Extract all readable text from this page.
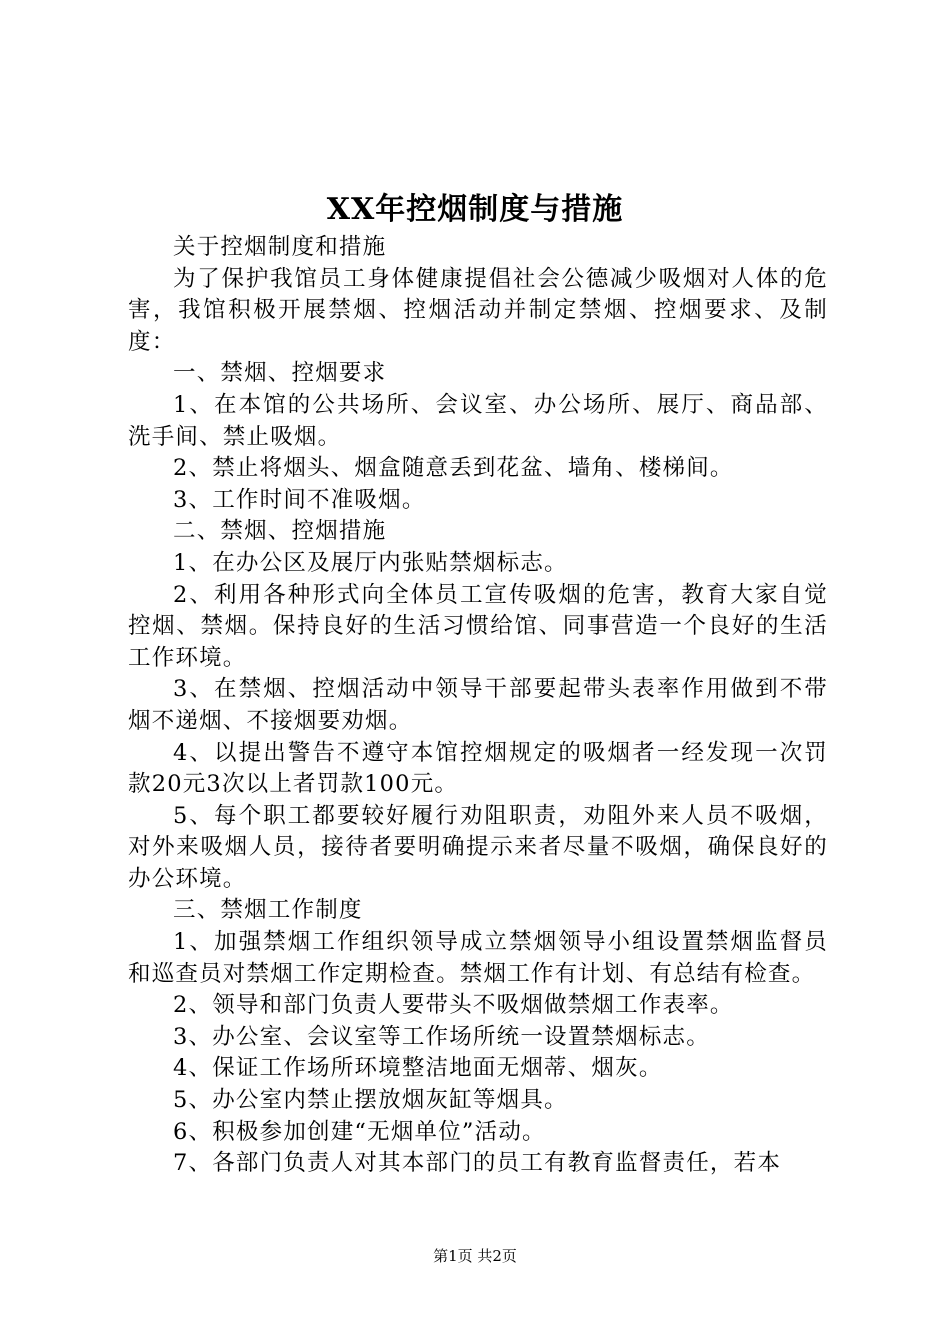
XX年控烟制度与措施

关于控烟制度和措施

为了保护我馆员工身体健康提倡社会公德减少吸烟对人体的危害，我馆积极开展禁烟、控烟活动并制定禁烟、控烟要求、及制度：

一、禁烟、控烟要求

1、在本馆的公共场所、会议室、办公场所、展厅、商品部、洗手间、禁止吸烟。

2、禁止将烟头、烟盒随意丢到花盆、墙角、楼梯间。

3、工作时间不准吸烟。

二、禁烟、控烟措施

1、在办公区及展厅内张贴禁烟标志。

2、利用各种形式向全体员工宣传吸烟的危害，教育大家自觉控烟、禁烟。保持良好的生活习惯给馆、同事营造一个良好的生活工作环境。

3、在禁烟、控烟活动中领导干部要起带头表率作用做到不带烟不递烟、不接烟要劝烟。

4、以提出警告不遵守本馆控烟规定的吸烟者一经发现一次罚款20元3次以上者罚款100元。

5、每个职工都要较好履行劝阻职责，劝阻外来人员不吸烟，对外来吸烟人员，接待者要明确提示来者尽量不吸烟，确保良好的办公环境。

三、禁烟工作制度

1、加强禁烟工作组织领导成立禁烟领导小组设置禁烟监督员和巡查员对禁烟工作定期检查。禁烟工作有计划、有总结有检查。

2、领导和部门负责人要带头不吸烟做禁烟工作表率。

3、办公室、会议室等工作场所统一设置禁烟标志。

4、保证工作场所环境整洁地面无烟蒂、烟灰。

5、办公室内禁止摆放烟灰缸等烟具。

6、积极参加创建“无烟单位”活动。

7、各部门负责人对其本部门的员工有教育监督责任，若本

第1页 共2页
